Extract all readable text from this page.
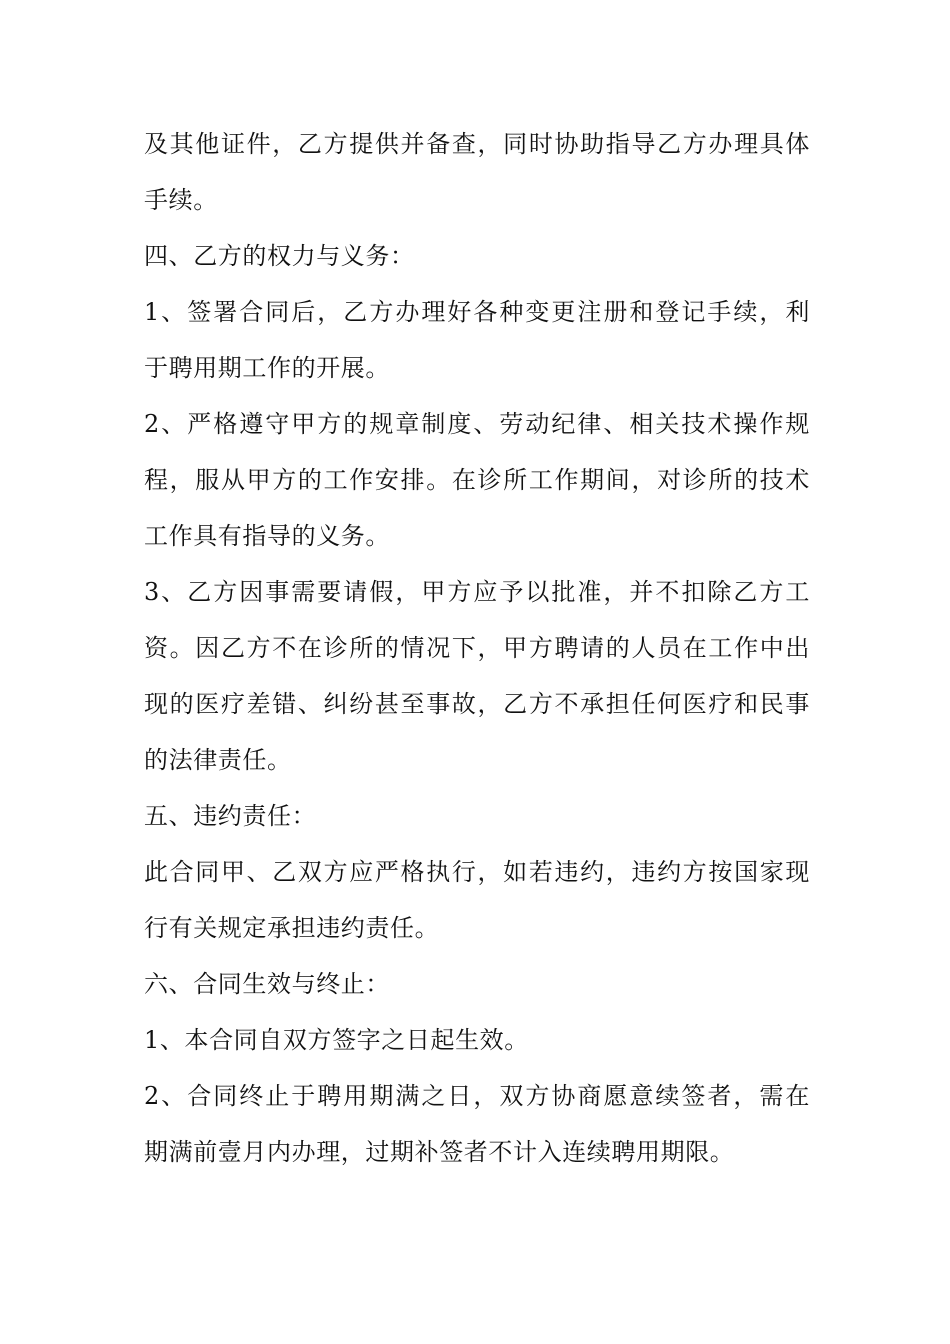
及其他证件，乙方提供并备查，同时协助指导乙方办理具体
手续。
四、乙方的权力与义务：
1、签署合同后，乙方办理好各种变更注册和登记手续，利
于聘用期工作的开展。
2、严格遵守甲方的规章制度、劳动纪律、相关技术操作规
程，服从甲方的工作安排。在诊所工作期间，对诊所的技术
工作具有指导的义务。
3、乙方因事需要请假，甲方应予以批准，并不扣除乙方工
资。因乙方不在诊所的情况下，甲方聘请的人员在工作中出
现的医疗差错、纠纷甚至事故，乙方不承担任何医疗和民事
的法律责任。
五、违约责任：
此合同甲、乙双方应严格执行，如若违约，违约方按国家现
行有关规定承担违约责任。
六、合同生效与终止：
1、本合同自双方签字之日起生效。
2、合同终止于聘用期满之日，双方协商愿意续签者，需在
期满前壹月内办理，过期补签者不计入连续聘用期限。
